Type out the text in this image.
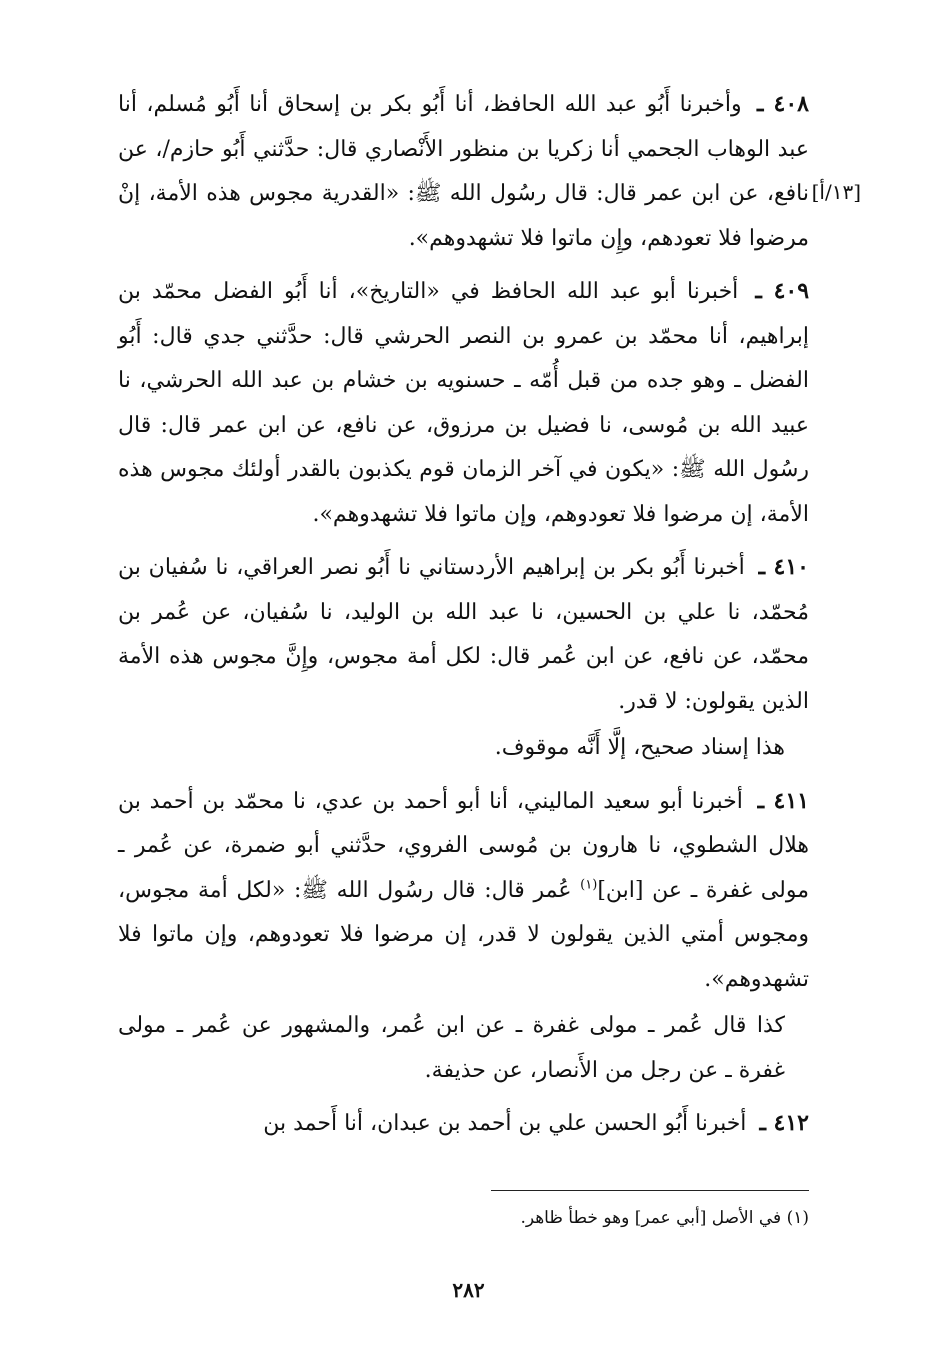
[١٣/أ]

٤٠٨ ـ وأخبرنا أَبُو عبد الله الحافظ، أنا أَبُو بكر بن إسحاق أنا أَبُو مُسلم، أنا عبد الوهاب الجحمي أنا زكريا بن منظور الأَنْصاري قال: حدَّثني أَبُو حازم/، عن نافع، عن ابن عمر قال: قال رسُول الله ﷺ: «القدرية مجوس هذه الأمة، إنْ مرضوا فلا تعودهم، وإِن ماتوا فلا تشهدوهم».

٤٠٩ ـ أخبرنا أبو عبد الله الحافظ في «التاريخ»، أنا أَبُو الفضل محمّد بن إبراهيم، أنا محمّد بن عمرو بن النصر الحرشي قال: حدَّثني جدي قال: أَبُو الفضل ـ وهو جده من قبل أُمّه ـ حسنويه بن خشام بن عبد الله الحرشي، نا عبيد الله بن مُوسى، نا فضيل بن مرزوق، عن نافع، عن ابن عمر قال: قال رسُول الله ﷺ: «يكون في آخر الزمان قوم يكذبون بالقدر أولئك مجوس هذه الأمة، إن مرضوا فلا تعودوهم، وإن ماتوا فلا تشهدوهم».

٤١٠ ـ أخبرنا أَبُو بكر بن إبراهيم الأردستاني نا أَبُو نصر العراقي، نا سُفيان بن مُحمّد، نا علي بن الحسين، نا عبد الله بن الوليد، نا سُفيان، عن عُمر بن محمّد، عن نافع، عن ابن عُمر قال: لكل أمة مجوس، وإِنَّ مجوس هذه الأمة الذين يقولون: لا قدر.

هذا إسناد صحيح، إلَّا أَنَّه موقوف.

٤١١ ـ أخبرنا أبو سعيد الماليني، أنا أبو أحمد بن عدي، نا محمّد بن أحمد بن هلال الشطوي، نا هارون بن مُوسى الفروي، حدَّثني أبو ضمرة، عن عُمر ـ مولى غفرة ـ عن [ابن]$^{(١)}$ عُمر قال: قال رسُول الله ﷺ: «لكل أمة مجوس، ومجوس أمتي الذين يقولون لا قدر، إن مرضوا فلا تعودوهم، وإن ماتوا فلا تشهدوهم».

كذا قال عُمر ـ مولى غفرة ـ عن ابن عُمر، والمشهور عن عُمر ـ مولى غفرة ـ عن رجل من الأَنصار، عن حذيفة.

٤١٢ ـ أخبرنا أَبُو الحسن علي بن أحمد بن عبدان، أنا أَحمد بن

(١) في الأصل [أبي عمر] وهو خطأ ظاهر.
٢٨٢
